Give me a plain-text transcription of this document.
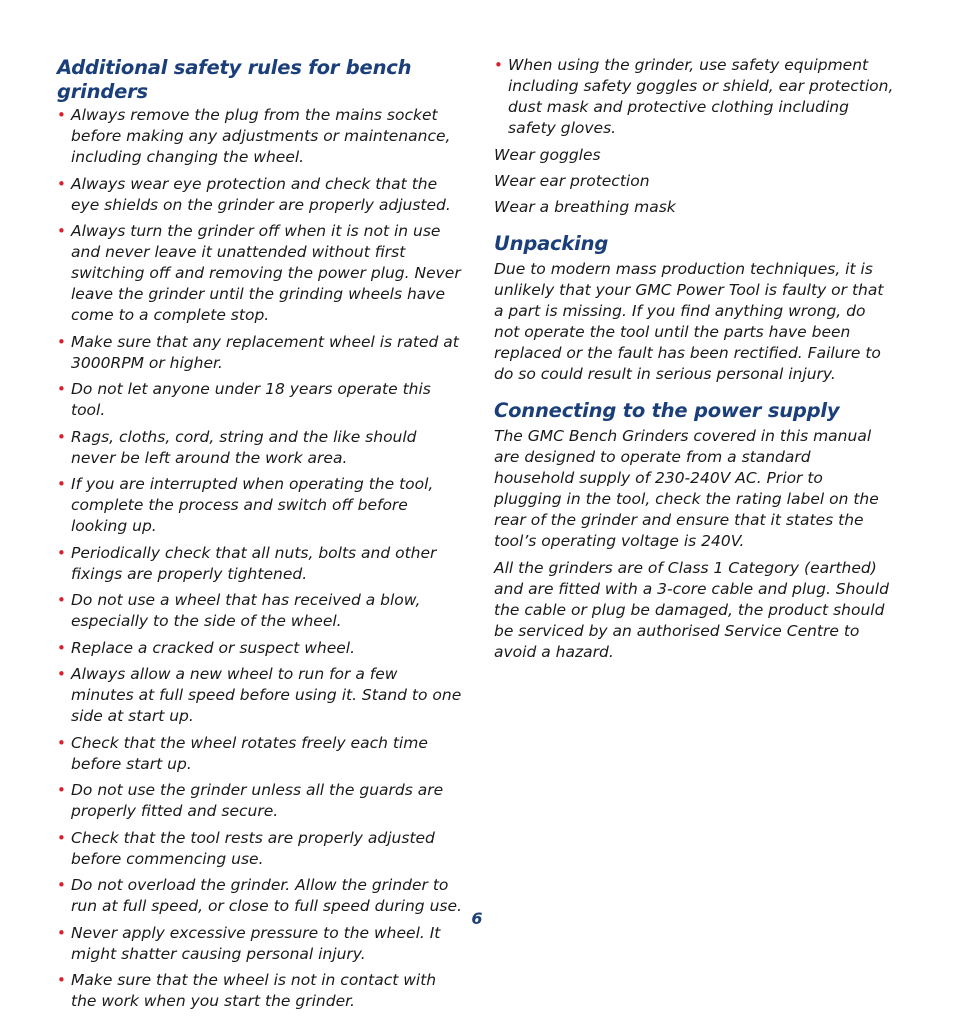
Additional safety rules for bench grinders
• Always remove the plug from the mains socket before making any adjustments or maintenance, including changing the wheel.
• Always wear eye protection and check that the eye shields on the grinder are properly adjusted.
• Always turn the grinder off when it is not in use and never leave it unattended without first switching off and removing the power plug. Never leave the grinder until the grinding wheels have come to a complete stop.
• Make sure that any replacement wheel is rated at 3000RPM or higher.
• Do not let anyone under 18 years operate this tool.
• Rags, cloths, cord, string and the like should never be left around the work area.
• If you are interrupted when operating the tool, complete the process and switch off before looking up.
• Periodically check that all nuts, bolts and other fixings are properly tightened.
• Do not use a wheel that has received a blow, especially to the side of the wheel.
• Replace a cracked or suspect wheel.
• Always allow a new wheel to run for a few minutes at full speed before using it. Stand to one side at start up.
• Check that the wheel rotates freely each time before start up.
• Do not use the grinder unless all the guards are properly fitted and secure.
• Check that the tool rests are properly adjusted before commencing use.
• Do not overload the grinder. Allow the grinder to run at full speed, or close to full speed during use.
• Never apply excessive pressure to the wheel. It might shatter causing personal injury.
• Make sure that the wheel is not in contact with the work when you start the grinder.
• When using the grinder, use safety equipment including safety goggles or shield, ear protection, dust mask and protective clothing including safety gloves.

Wear goggles

Wear ear protection

Wear a breathing mask

Unpacking

Due to modern mass production techniques, it is unlikely that your GMC Power Tool is faulty or that a part is missing. If you find anything wrong, do not operate the tool until the parts have been replaced or the fault has been rectified. Failure to do so could result in serious personal injury.

Connecting to the power supply

The GMC Bench Grinders covered in this manual are designed to operate from a standard household supply of 230-240V AC. Prior to plugging in the tool, check the rating label on the rear of the grinder and ensure that it states the tool’s operating voltage is 240V.

All the grinders are of Class 1 Category (earthed) and are fitted with a 3-core cable and plug. Should the cable or plug be damaged, the product should be serviced by an authorised Service Centre to avoid a hazard.

6
